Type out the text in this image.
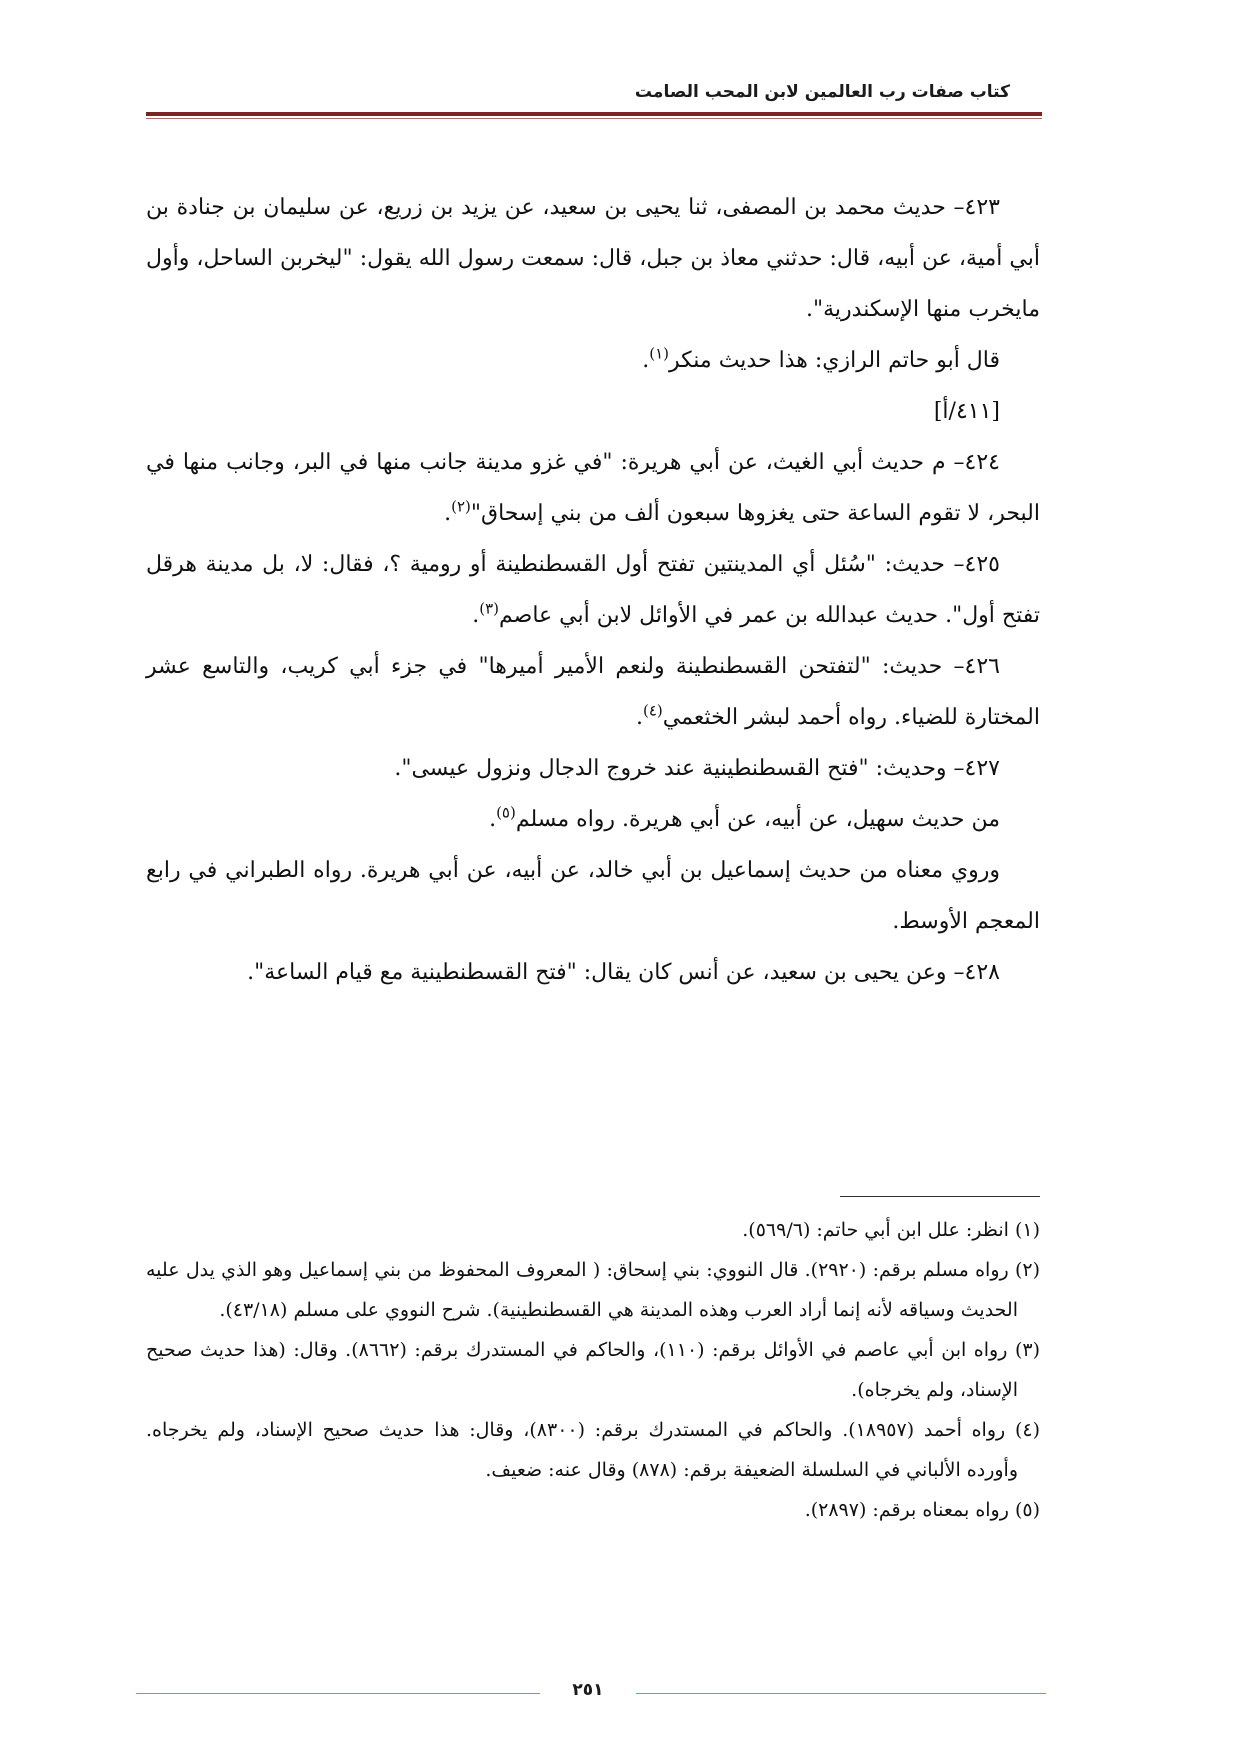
كتاب صفات رب العالمين لابن المحب الصامت

٤٢٣– حديث محمد بن المصفى، ثنا يحيى بن سعيد، عن يزيد بن زريع، عن سليمان بن جنادة بن أبي أمية، عن أبيه، قال: حدثني معاذ بن جبل، قال: سمعت رسول الله يقول: "ليخربن الساحل، وأول مايخرب منها الإسكندرية".

قال أبو حاتم الرازي: هذا حديث منكر$^{(١)}$.

[٤١١/أ]

٤٢٤– م حديث أبي الغيث، عن أبي هريرة: "في غزو مدينة جانب منها في البر، وجانب منها في البحر، لا تقوم الساعة حتى يغزوها سبعون ألف من بني إسحاق"$^{(٢)}$.

٤٢٥– حديث: "سُئل أي المدينتين تفتح أول القسطنطينة أو رومية ؟، فقال: لا، بل مدينة هرقل تفتح أول". حديث عبدالله بن عمر في الأوائل لابن أبي عاصم$^{(٣)}$.

٤٢٦– حديث: "لتفتحن القسطنطينة ولنعم الأمير أميرها" في جزء أبي كريب، والتاسع عشر المختارة للضياء. رواه أحمد لبشر الخثعمي$^{(٤)}$.

٤٢٧– وحديث: "فتح القسطنطينية عند خروج الدجال ونزول عيسى".

من حديث سهيل، عن أبيه، عن أبي هريرة. رواه مسلم$^{(٥)}$.

وروي معناه من حديث إسماعيل بن أبي خالد، عن أبيه، عن أبي هريرة. رواه الطبراني في رابع المعجم الأوسط.

٤٢٨– وعن يحيى بن سعيد، عن أنس كان يقال: "فتح القسطنطينية مع قيام الساعة".

(١) انظر: علل ابن أبي حاتم: (٥٦٩/٦).

(٢) رواه مسلم برقم: (٢٩٢٠). قال النووي: بني إسحاق: ( المعروف المحفوظ من بني إسماعيل وهو الذي يدل عليه الحديث وسياقه لأنه إنما أراد العرب وهذه المدينة هي القسطنطينية). شرح النووي على مسلم (٤٣/١٨).

(٣) رواه ابن أبي عاصم في الأوائل برقم: (١١٠)، والحاكم في المستدرك برقم: (٨٦٦٢). وقال: (هذا حديث صحيح الإسناد، ولم يخرجاه).

(٤) رواه أحمد (١٨٩٥٧). والحاكم في المستدرك برقم: (٨٣٠٠)، وقال: هذا حديث صحيح الإسناد، ولم يخرجاه. وأورده الألباني في السلسلة الضعيفة برقم: (٨٧٨) وقال عنه: ضعيف.

(٥) رواه بمعناه برقم: (٢٨٩٧).

٢٥١
